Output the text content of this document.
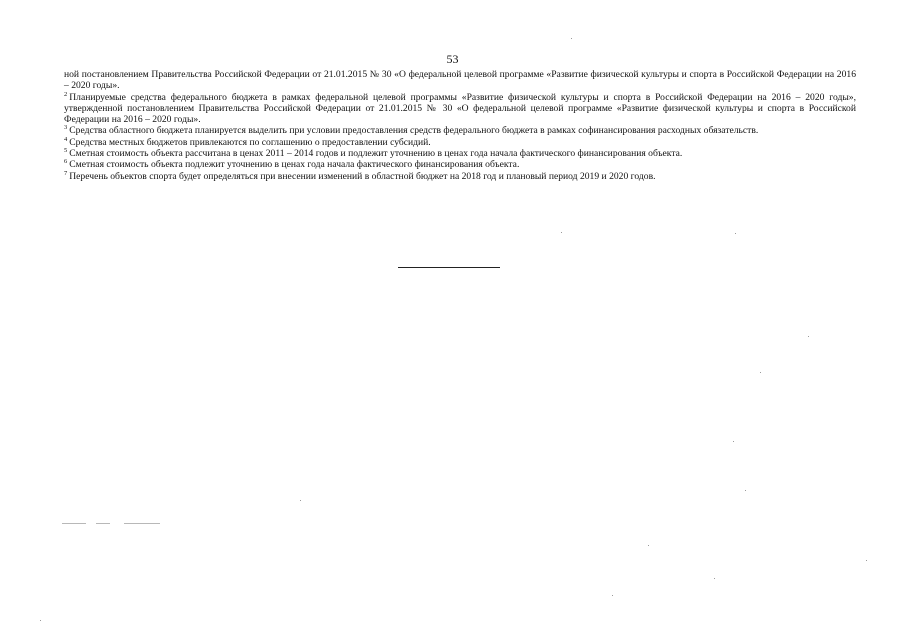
53

ной постановлением Правительства Российской Федерации от 21.01.2015 № 30 «О федеральной целевой программе «Развитие физической культуры и спорта в Российской Федерации на 2016 – 2020 годы».

$^2$ Планируемые средства федерального бюджета в рамках федеральной целевой программы «Развитие физической культуры и спорта в Российской Федерации на 2016 – 2020 годы», утвержденной постановлением Правительства Российской Федерации от 21.01.2015 № 30 «О федеральной целевой программе «Развитие физической культуры и спорта в Российской Федерации на 2016 – 2020 годы».

$^3$ Средства областного бюджета планируется выделить при условии предоставления средств федерального бюджета в рамках софинансирования расходных обязательств.

$^4$ Средства местных бюджетов привлекаются по соглашению о предоставлении субсидий.

$^5$ Сметная стоимость объекта рассчитана в ценах 2011 – 2014 годов и подлежит уточнению в ценах года начала фактического финансирования объекта.

$^6$ Сметная стоимость объекта подлежит уточнению в ценах года начала фактического финансирования объекта.

$^7$ Перечень объектов спорта будет определяться при внесении изменений в областной бюджет на 2018 год и плановый период 2019 и 2020 годов.
